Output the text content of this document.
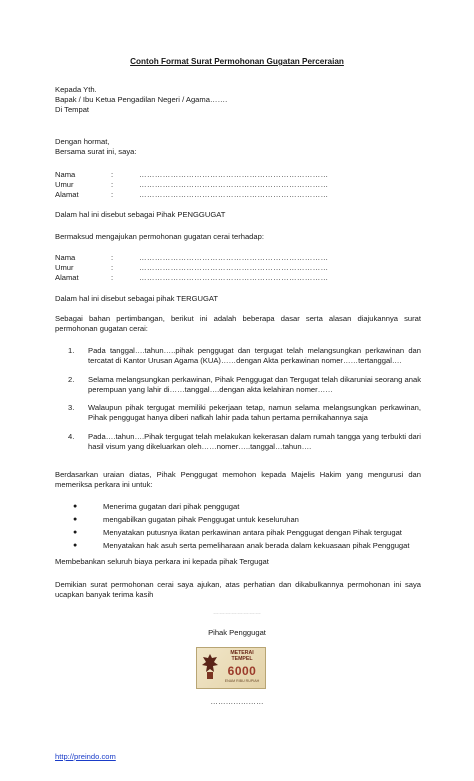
Contoh Format Surat Permohonan Gugatan Perceraian
Kepada Yth.
Bapak / Ibu Ketua Pengadilan Negeri / Agama…….
Di Tempat
Dengan hormat,
Bersama surat ini, saya:
Nama	:	………………………………………………………………
Umur	:	………………………………………………………………
Alamat	:	………………………………………………………………
Dalam hal ini disebut sebagai Pihak PENGGUGAT
Bermaksud mengajukan permohonan gugatan cerai terhadap:
Nama	:	………………………………………………………………
Umur	:	………………………………………………………………
Alamat	:	………………………………………………………………
Dalam hal ini disebut sebagai pihak TERGUGAT
Sebagai bahan pertimbangan, berikut ini adalah beberapa dasar serta alasan diajukannya surat permohonan gugatan cerai:
1.	Pada tanggal….tahun…..pihak penggugat dan tergugat telah melangsungkan perkawinan dan tercatat di Kantor Urusan Agama (KUA)……dengan Akta perkawinan nomer……tertanggal….
2.	Selama melangsungkan perkawinan, Pihak Penggugat dan Tergugat telah dikaruniai seorang anak perempuan yang lahir di……tanggal….dengan akta kelahiran nomer……
3.	Walaupun pihak tergugat memiliki pekerjaan tetap, namun selama melangsungkan perkawinan, Pihak penggugat hanya diberi nafkah lahir pada tahun pertama pernikahannya saja
4.	Pada….tahun….Pihak tergugat telah melakukan kekerasan dalam rumah tangga yang terbukti dari hasil visum yang dikeluarkan oleh……nomer…..tanggal…tahun….
Berdasarkan uraian diatas, Pihak Penggugat memohon kepada Majelis Hakim yang mengurusi dan memeriksa perkara ini untuk:
●	Menerima gugatan dari pihak penggugat
●	mengabilkan gugatan pihak Penggugat untuk keseluruhan
●	Menyatakan putusnya ikatan perkawinan antara pihak Penggugat dengan Pihak tergugat
●	Menyatakan hak asuh serta pemeliharaan anak berada dalam kekuasaan pihak Penggugat
Membebankan seluruh biaya perkara ini kepada pihak Tergugat
Demikian surat permohonan cerai saya ajukan, atas perhatian dan dikabulkannya permohonan ini saya ucapkan banyak terima kasih
……………………
Pihak Penggugat
METERAI
TEMPEL
6000
ENAM RIBU RUPIAH
…………………
http://preindo.com
